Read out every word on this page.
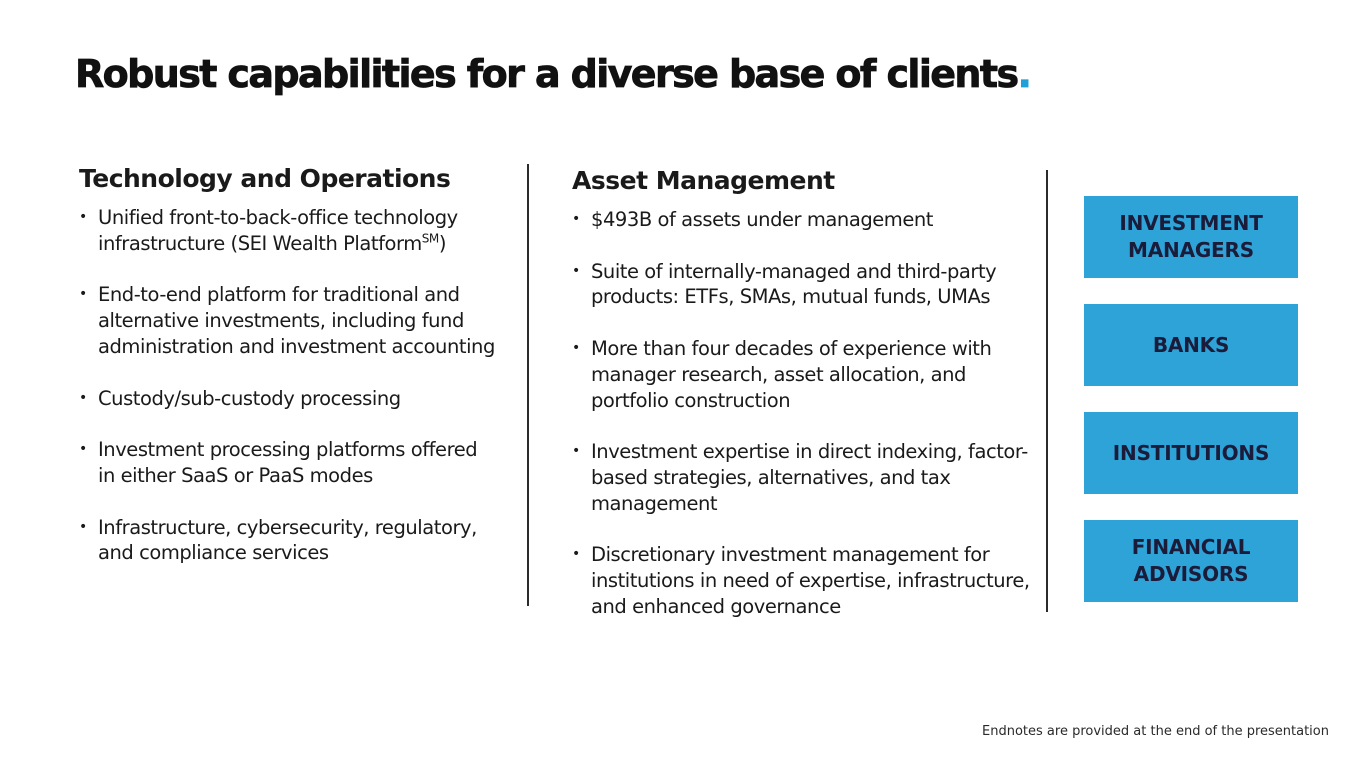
Robust capabilities for a diverse base of clients.
Technology and Operations
• Unified front-to-back-office technology infrastructure (SEI Wealth Platform℠)
• End-to-end platform for traditional and alternative investments, including fund administration and investment accounting
• Custody/sub-custody processing
• Investment processing platforms offered in either SaaS or PaaS modes
• Infrastructure, cybersecurity, regulatory, and compliance services
Asset Management
• $493B of assets under management
• Suite of internally-managed and third-party products: ETFs, SMAs, mutual funds, UMAs
• More than four decades of experience with manager research, asset allocation, and portfolio construction
• Investment expertise in direct indexing, factor-based strategies, alternatives, and tax management
• Discretionary investment management for institutions in need of expertise, infrastructure, and enhanced governance
INVESTMENT
MANAGERS
BANKS
INSTITUTIONS
FINANCIAL
ADVISORS
Endnotes are provided at the end of the presentation
